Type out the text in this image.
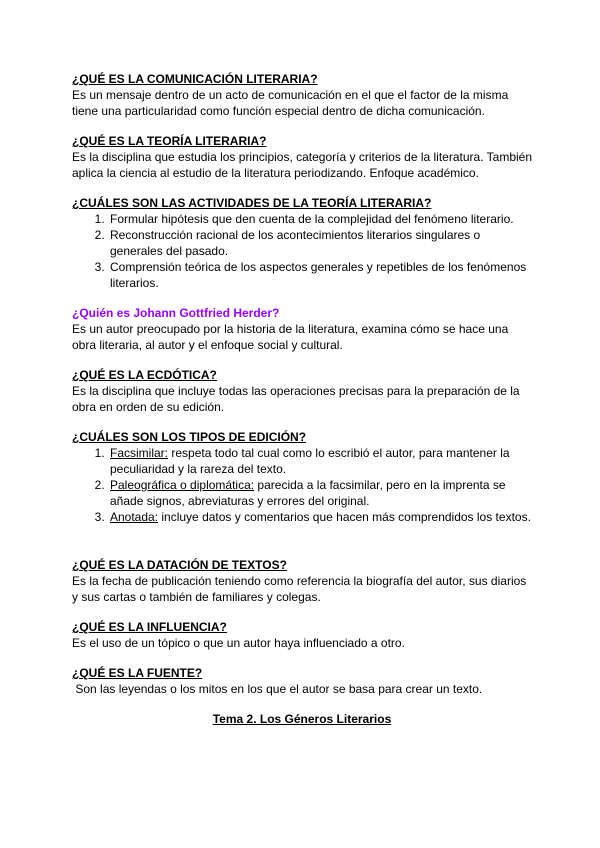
¿QUÉ ES LA COMUNICACIÓN LITERARIA?

Es un mensaje dentro de un acto de comunicación en el que el factor de la misma tiene una particularidad como función especial dentro de dicha comunicación.

¿QUÉ ES LA TEORÍA LITERARIA?

Es la disciplina que estudia los principios, categoría y criterios de la literatura. También aplica la ciencia al estudio de la literatura periodizando. Enfoque académico.

¿CUÁLES SON LAS ACTIVIDADES DE LA TEORÍA LITERARIA?

1. Formular hipótesis que den cuenta de la complejidad del fenómeno literario.
2. Reconstrucción racional de los acontecimientos literarios singulares o generales del pasado.
3. Comprensión teórica de los aspectos generales y repetibles de los fenómenos literarios.

¿Quién es Johann Gottfried Herder?

Es un autor preocupado por la historia de la literatura, examina cómo se hace una obra literaria, al autor y el enfoque social y cultural.

¿QUÉ ES LA ECDÓTICA?

Es la disciplina que incluye todas las operaciones precisas para la preparación de la obra en orden de su edición.

¿CUÁLES SON LOS TIPOS DE EDICIÓN?

1. Facsimilar: respeta todo tal cual como lo escribió el autor, para mantener la peculiaridad y la rareza del texto.
2. Paleográfica o diplomática: parecida a la facsimilar, pero en la imprenta se añade signos, abreviaturas y errores del original.
3. Anotada: incluye datos y comentarios que hacen más comprendidos los textos.

¿QUÉ ES LA DATACIÓN DE TEXTOS?

Es la fecha de publicación teniendo como referencia la biografía del autor, sus diarios y sus cartas o también de familiares y colegas.

¿QUÉ ES LA INFLUENCIA?

Es el uso de un tópico o que un autor haya influenciado a otro.

¿QUÉ ES LA FUENTE?

Son las leyendas o los mitos en los que el autor se basa para crear un texto.

Tema 2. Los Géneros Literarios
